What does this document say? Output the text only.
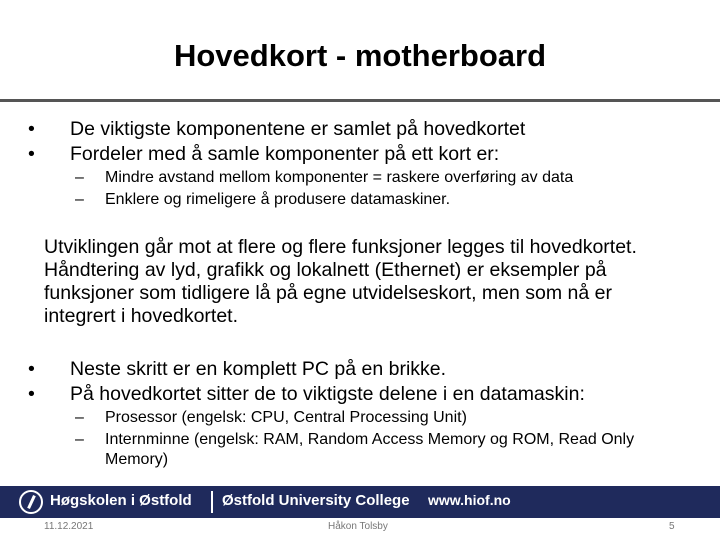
Hovedkort - motherboard
• De viktigste komponentene er samlet på hovedkortet
• Fordeler med å samle komponenter på ett kort er:
– Mindre avstand mellom komponenter = raskere overføring av data
– Enklere og rimeligere å produsere datamaskiner.
Utviklingen går mot at flere og flere funksjoner legges til hovedkortet.
Håndtering av lyd, grafikk og lokalnett (Ethernet) er eksempler på
funksjoner som tidligere lå på egne utvidelseskort, men som nå er
integrert i hovedkortet.
• Neste skritt er en komplett PC på en brikke.
• På hovedkortet sitter de to viktigste delene i en datamaskin:
– Prosessor (engelsk: CPU, Central Processing Unit)
– Internminne (engelsk: RAM, Random Access Memory og ROM, Read Only
Memory)
Høgskolen i Østfold Østfold University College www.hiof.no
11.12.2021	Håkon Tolsby	5
